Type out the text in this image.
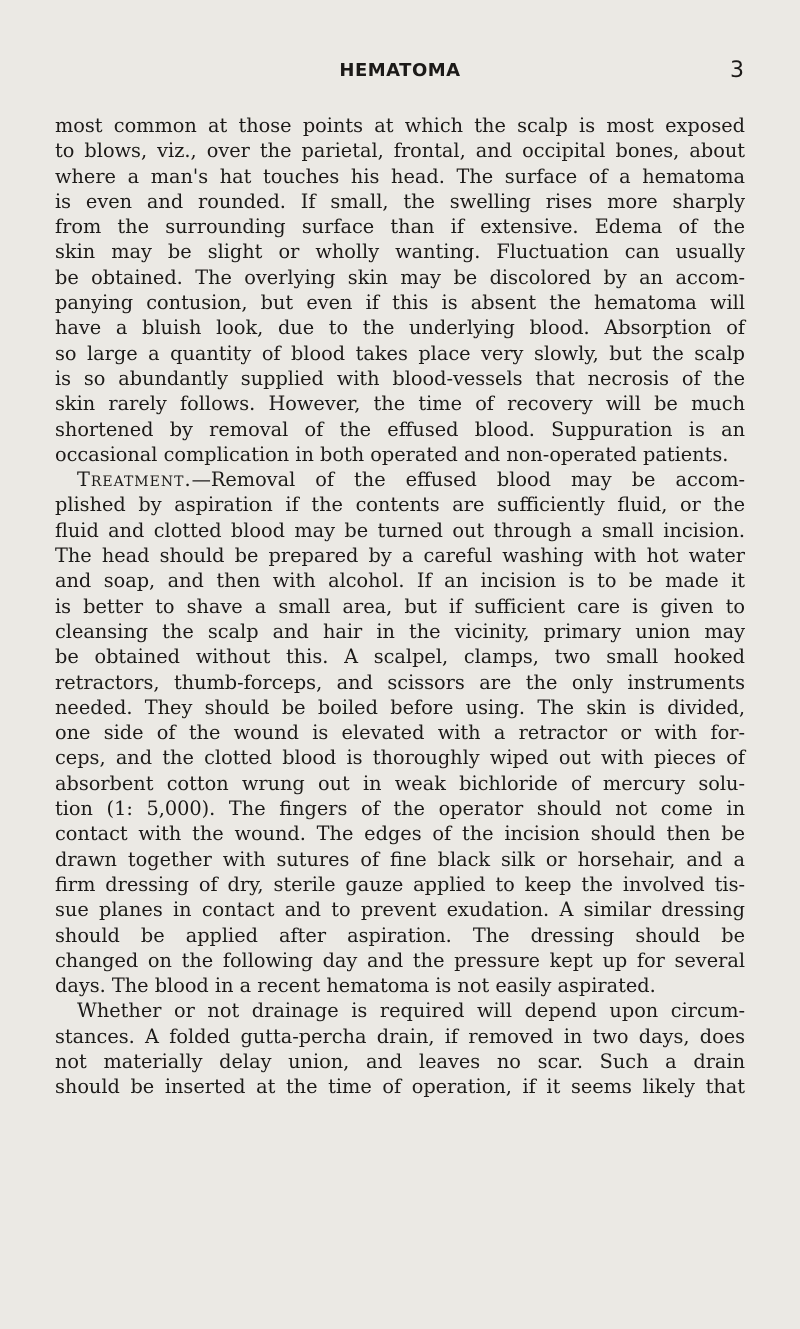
HEMATOMA	3
most common at those points at which the scalp is most exposed
to blows, viz., over the parietal, frontal, and occipital bones, about
where a man's hat touches his head. The surface of a hematoma
is even and rounded. If small, the swelling rises more sharply
from the surrounding surface than if extensive. Edema of the
skin may be slight or wholly wanting. Fluctuation can usually
be obtained. The overlying skin may be discolored by an accom-
panying contusion, but even if this is absent the hematoma will
have a bluish look, due to the underlying blood. Absorption of
so large a quantity of blood takes place very slowly, but the scalp
is so abundantly supplied with blood-vessels that necrosis of the
skin rarely follows. However, the time of recovery will be much
shortened by removal of the effused blood. Suppuration is an
occasional complication in both operated and non-operated patients.
Treatment.—Removal of the effused blood may be accom-
plished by aspiration if the contents are sufficiently fluid, or the
fluid and clotted blood may be turned out through a small incision.
The head should be prepared by a careful washing with hot water
and soap, and then with alcohol. If an incision is to be made it
is better to shave a small area, but if sufficient care is given to
cleansing the scalp and hair in the vicinity, primary union may
be obtained without this. A scalpel, clamps, two small hooked
retractors, thumb-forceps, and scissors are the only instruments
needed. They should be boiled before using. The skin is divided,
one side of the wound is elevated with a retractor or with for-
ceps, and the clotted blood is thoroughly wiped out with pieces of
absorbent cotton wrung out in weak bichloride of mercury solu-
tion (1: 5,000). The fingers of the operator should not come in
contact with the wound. The edges of the incision should then be
drawn together with sutures of fine black silk or horsehair, and a
firm dressing of dry, sterile gauze applied to keep the involved tis-
sue planes in contact and to prevent exudation. A similar dressing
should be applied after aspiration. The dressing should be
changed on the following day and the pressure kept up for several
days. The blood in a recent hematoma is not easily aspirated.
Whether or not drainage is required will depend upon circum-
stances. A folded gutta-percha drain, if removed in two days, does
not materially delay union, and leaves no scar. Such a drain
should be inserted at the time of operation, if it seems likely that
